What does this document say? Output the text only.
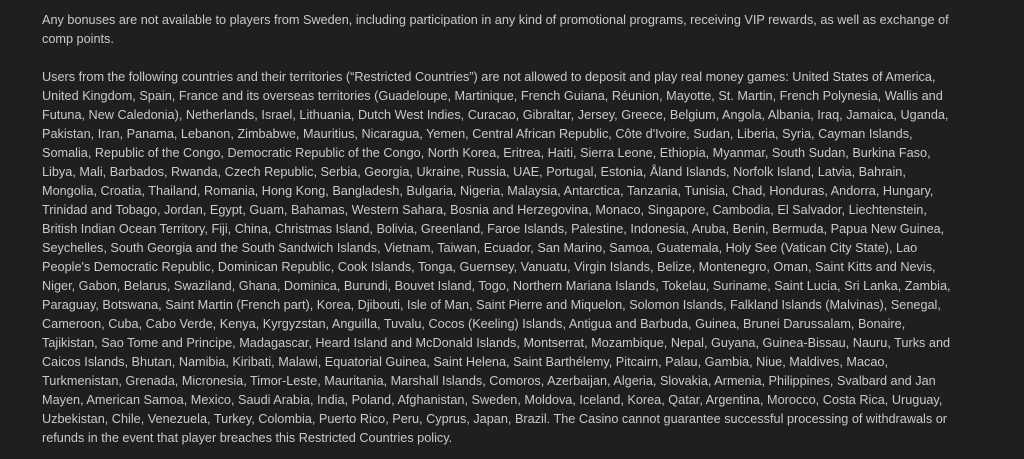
Any bonuses are not available to players from Sweden, including participation in any kind of promotional programs, receiving VIP rewards, as well as exchange of comp points.

Users from the following countries and their territories (“Restricted Countries”) are not allowed to deposit and play real money games: United States of America, United Kingdom, Spain, France and its overseas territories (Guadeloupe, Martinique, French Guiana, Réunion, Mayotte, St. Martin, French Polynesia, Wallis and Futuna, New Caledonia), Netherlands, Israel, Lithuania, Dutch West Indies, Curacao, Gibraltar, Jersey, Greece, Belgium, Angola, Albania, Iraq, Jamaica, Uganda, Pakistan, Iran, Panama, Lebanon, Zimbabwe, Mauritius, Nicaragua, Yemen, Central African Republic, Côte d'Ivoire, Sudan, Liberia, Syria, Cayman Islands, Somalia, Republic of the Congo, Democratic Republic of the Congo, North Korea, Eritrea, Haiti, Sierra Leone, Ethiopia, Myanmar, South Sudan, Burkina Faso, Libya, Mali, Barbados, Rwanda, Czech Republic, Serbia, Georgia, Ukraine, Russia, UAE, Portugal, Estonia, Åland Islands, Norfolk Island, Latvia, Bahrain, Mongolia, Croatia, Thailand, Romania, Hong Kong, Bangladesh, Bulgaria, Nigeria, Malaysia, Antarctica, Tanzania, Tunisia, Chad, Honduras, Andorra, Hungary, Trinidad and Tobago, Jordan, Egypt, Guam, Bahamas, Western Sahara, Bosnia and Herzegovina, Monaco, Singapore, Cambodia, El Salvador, Liechtenstein, British Indian Ocean Territory, Fiji, China, Christmas Island, Bolivia, Greenland, Faroe Islands, Palestine, Indonesia, Aruba, Benin, Bermuda, Papua New Guinea, Seychelles, South Georgia and the South Sandwich Islands, Vietnam, Taiwan, Ecuador, San Marino, Samoa, Guatemala, Holy See (Vatican City State), Lao People's Democratic Republic, Dominican Republic, Cook Islands, Tonga, Guernsey, Vanuatu, Virgin Islands, Belize, Montenegro, Oman, Saint Kitts and Nevis, Niger, Gabon, Belarus, Swaziland, Ghana, Dominica, Burundi, Bouvet Island, Togo, Northern Mariana Islands, Tokelau, Suriname, Saint Lucia, Sri Lanka, Zambia, Paraguay, Botswana, Saint Martin (French part), Korea, Djibouti, Isle of Man, Saint Pierre and Miquelon, Solomon Islands, Falkland Islands (Malvinas), Senegal, Cameroon, Cuba, Cabo Verde, Kenya, Kyrgyzstan, Anguilla, Tuvalu, Cocos (Keeling) Islands, Antigua and Barbuda, Guinea, Brunei Darussalam, Bonaire, Tajikistan, Sao Tome and Principe, Madagascar, Heard Island and McDonald Islands, Montserrat, Mozambique, Nepal, Guyana, Guinea-Bissau, Nauru, Turks and Caicos Islands, Bhutan, Namibia, Kiribati, Malawi, Equatorial Guinea, Saint Helena, Saint Barthélemy, Pitcairn, Palau, Gambia, Niue, Maldives, Macao, Turkmenistan, Grenada, Micronesia, Timor-Leste, Mauritania, Marshall Islands, Comoros, Azerbaijan, Algeria, Slovakia, Armenia, Philippines, Svalbard and Jan Mayen, American Samoa, Mexico, Saudi Arabia, India, Poland, Afghanistan, Sweden, Moldova, Iceland, Korea, Qatar, Argentina, Morocco, Costa Rica, Uruguay, Uzbekistan, Chile, Venezuela, Turkey, Colombia, Puerto Rico, Peru, Cyprus, Japan, Brazil. The Casino cannot guarantee successful processing of withdrawals or refunds in the event that player breaches this Restricted Countries policy.
